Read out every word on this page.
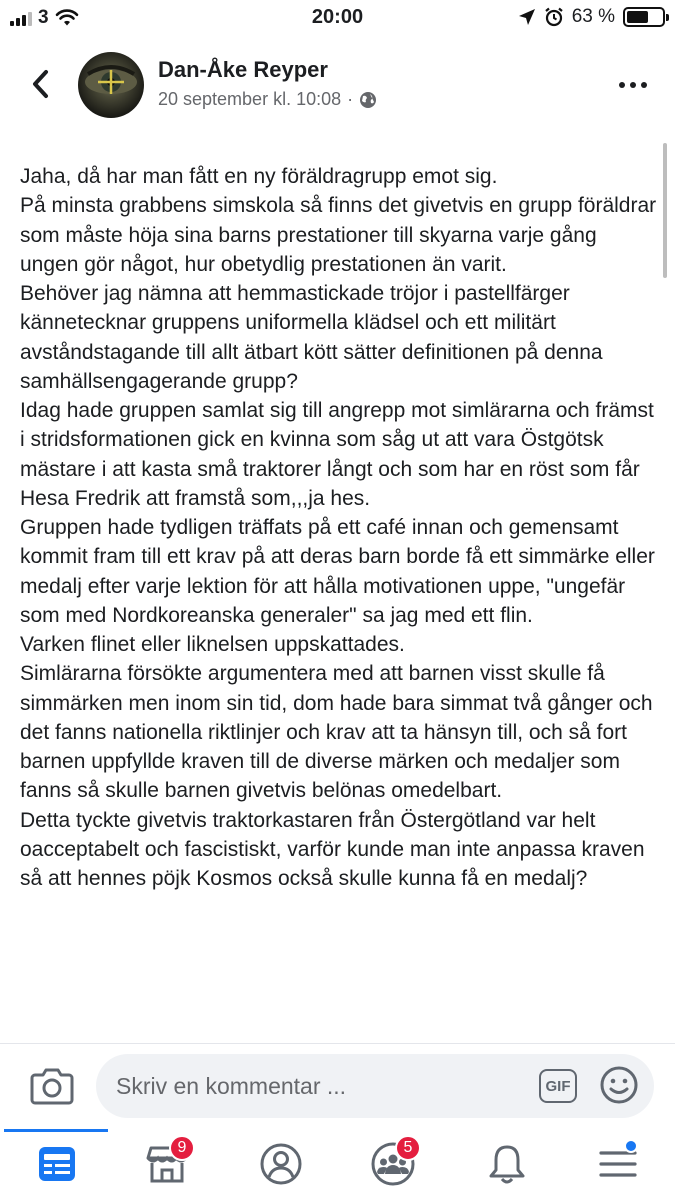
3	20:00	63 %
Dan-Åke Reyper
20 september kl. 10:08 ·
Jaha, då har man fått en ny föräldragrupp emot sig.
På minsta grabbens simskola så finns det givetvis en grupp föräldrar som måste höja sina barns prestationer till skyarna varje gång ungen gör något, hur obetydlig prestationen än varit.
Behöver jag nämna att hemmastickade tröjor i pastellfärger kännetecknar gruppens uniformella klädsel och ett militärt avståndstagande till allt ätbart kött sätter definitionen på denna samhällsengagerande grupp?
Idag hade gruppen samlat sig till angrepp mot simlärarna och främst i stridsformationen gick en kvinna som såg ut att vara Östgötsk mästare i att kasta små traktorer långt och som har en röst som får Hesa Fredrik att framstå som,,,ja hes.
Gruppen hade tydligen träffats på ett café innan och gemensamt kommit fram till ett krav på att deras barn borde få ett simmärke eller medalj efter varje lektion för att hålla motivationen uppe, "ungefär som med Nordkoreanska generaler" sa jag med ett flin.
Varken flinet eller liknelsen uppskattades.
Simlärarna försökte argumentera med att barnen visst skulle få simmärken men inom sin tid, dom hade bara simmat två gånger och det fanns nationella riktlinjer och krav att ta hänsyn till, och så fort barnen uppfyllde kraven till de diverse märken och medaljer som fanns så skulle barnen givetvis belönas omedelbart.
Detta tyckte givetvis traktorkastaren från Östergötland var helt oacceptabelt och fascistiskt, varför kunde man inte anpassa kraven så att hennes pöjk Kosmos också skulle kunna få en medalj?
Skriv en kommentar ...	GIF
9	5
